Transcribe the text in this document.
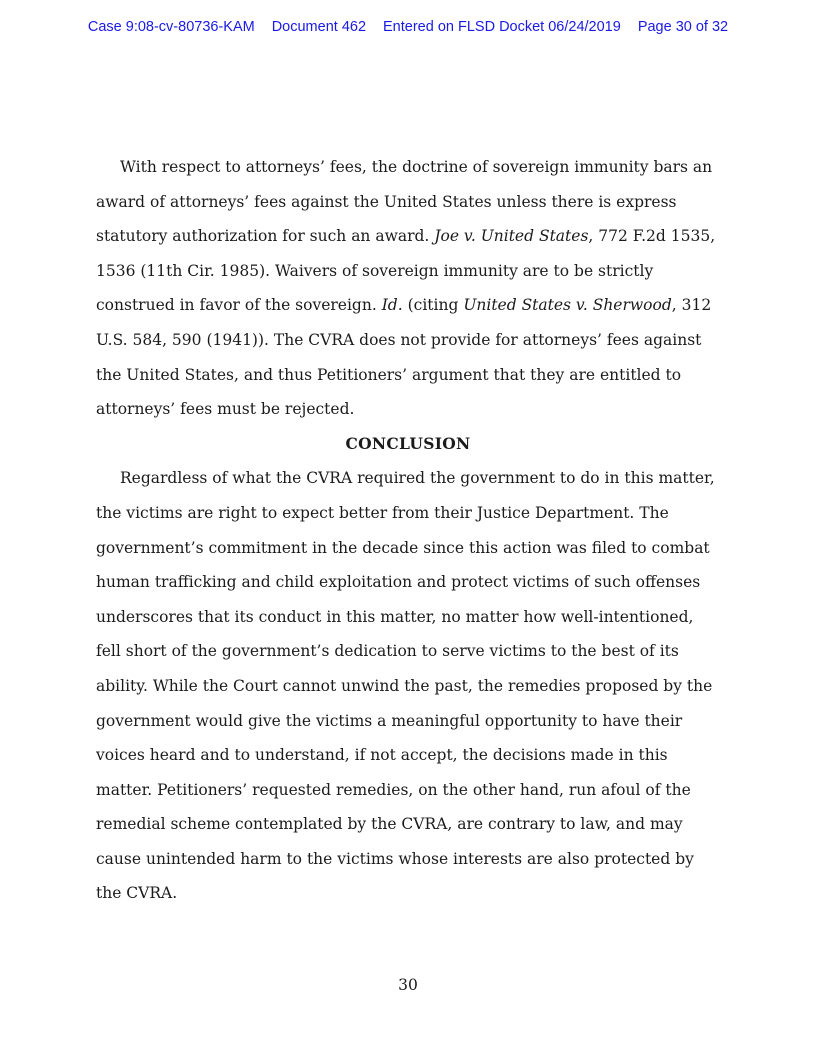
Case 9:08-cv-80736-KAM Document 462 Entered on FLSD Docket 06/24/2019 Page 30 of 32

With respect to attorneys’ fees, the doctrine of sovereign immunity bars an award of attorneys’ fees against the United States unless there is express statutory authorization for such an award. Joe v. United States, 772 F.2d 1535, 1536 (11th Cir. 1985). Waivers of sovereign immunity are to be strictly construed in favor of the sovereign. Id. (citing United States v. Sherwood, 312 U.S. 584, 590 (1941)). The CVRA does not provide for attorneys’ fees against the United States, and thus Petitioners’ argument that they are entitled to attorneys’ fees must be rejected.

CONCLUSION

Regardless of what the CVRA required the government to do in this matter, the victims are right to expect better from their Justice Department. The government’s commitment in the decade since this action was filed to combat human trafficking and child exploitation and protect victims of such offenses underscores that its conduct in this matter, no matter how well-intentioned, fell short of the government’s dedication to serve victims to the best of its ability. While the Court cannot unwind the past, the remedies proposed by the government would give the victims a meaningful opportunity to have their voices heard and to understand, if not accept, the decisions made in this matter. Petitioners’ requested remedies, on the other hand, run afoul of the remedial scheme contemplated by the CVRA, are contrary to law, and may cause unintended harm to the victims whose interests are also protected by the CVRA.

30
